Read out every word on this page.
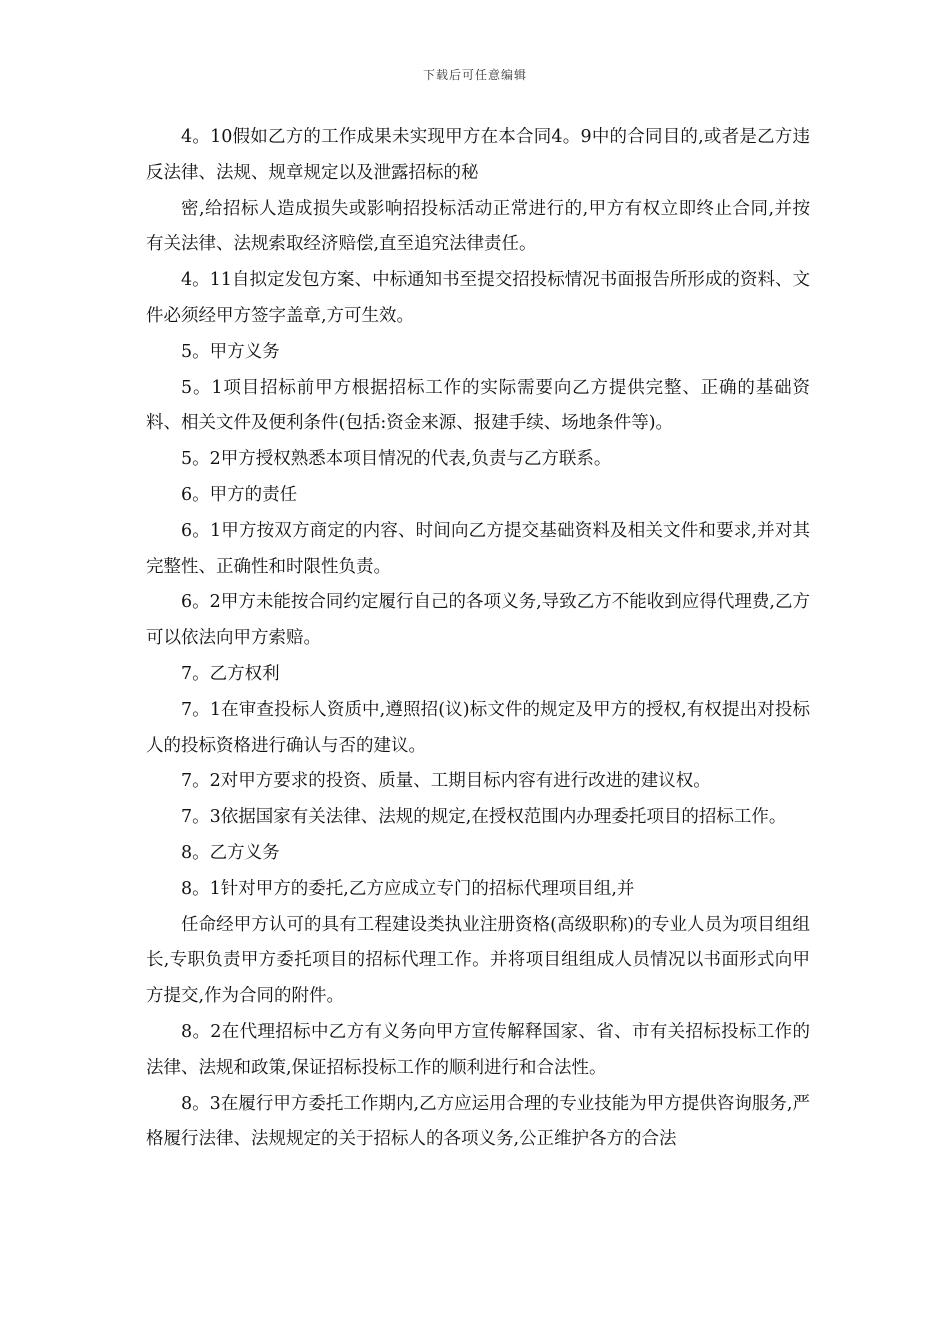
下载后可任意编辑

4。10假如乙方的工作成果未实现甲方在本合同4。9中的合同目的,或者是乙方违反法律、法规、规章规定以及泄露招标的秘

密,给招标人造成损失或影响招投标活动正常进行的,甲方有权立即终止合同,并按有关法律、法规索取经济赔偿,直至追究法律责任。

4。11自拟定发包方案、中标通知书至提交招投标情况书面报告所形成的资料、文件必须经甲方签字盖章,方可生效。

5。甲方义务

5。1项目招标前甲方根据招标工作的实际需要向乙方提供完整、正确的基础资料、相关文件及便利条件(包括:资金来源、报建手续、场地条件等)。

5。2甲方授权熟悉本项目情况的代表,负责与乙方联系。

6。甲方的责任

6。1甲方按双方商定的内容、时间向乙方提交基础资料及相关文件和要求,并对其完整性、正确性和时限性负责。

6。2甲方未能按合同约定履行自己的各项义务,导致乙方不能收到应得代理费,乙方可以依法向甲方索赔。

7。乙方权利

7。1在审查投标人资质中,遵照招(议)标文件的规定及甲方的授权,有权提出对投标人的投标资格进行确认与否的建议。

7。2对甲方要求的投资、质量、工期目标内容有进行改进的建议权。

7。3依据国家有关法律、法规的规定,在授权范围内办理委托项目的招标工作。

8。乙方义务

8。1针对甲方的委托,乙方应成立专门的招标代理项目组,并

任命经甲方认可的具有工程建设类执业注册资格(高级职称)的专业人员为项目组组长,专职负责甲方委托项目的招标代理工作。并将项目组组成人员情况以书面形式向甲方提交,作为合同的附件。

8。2在代理招标中乙方有义务向甲方宣传解释国家、省、市有关招标投标工作的法律、法规和政策,保证招标投标工作的顺利进行和合法性。

8。3在履行甲方委托工作期内,乙方应运用合理的专业技能为甲方提供咨询服务,严格履行法律、法规规定的关于招标人的各项义务,公正维护各方的合法
